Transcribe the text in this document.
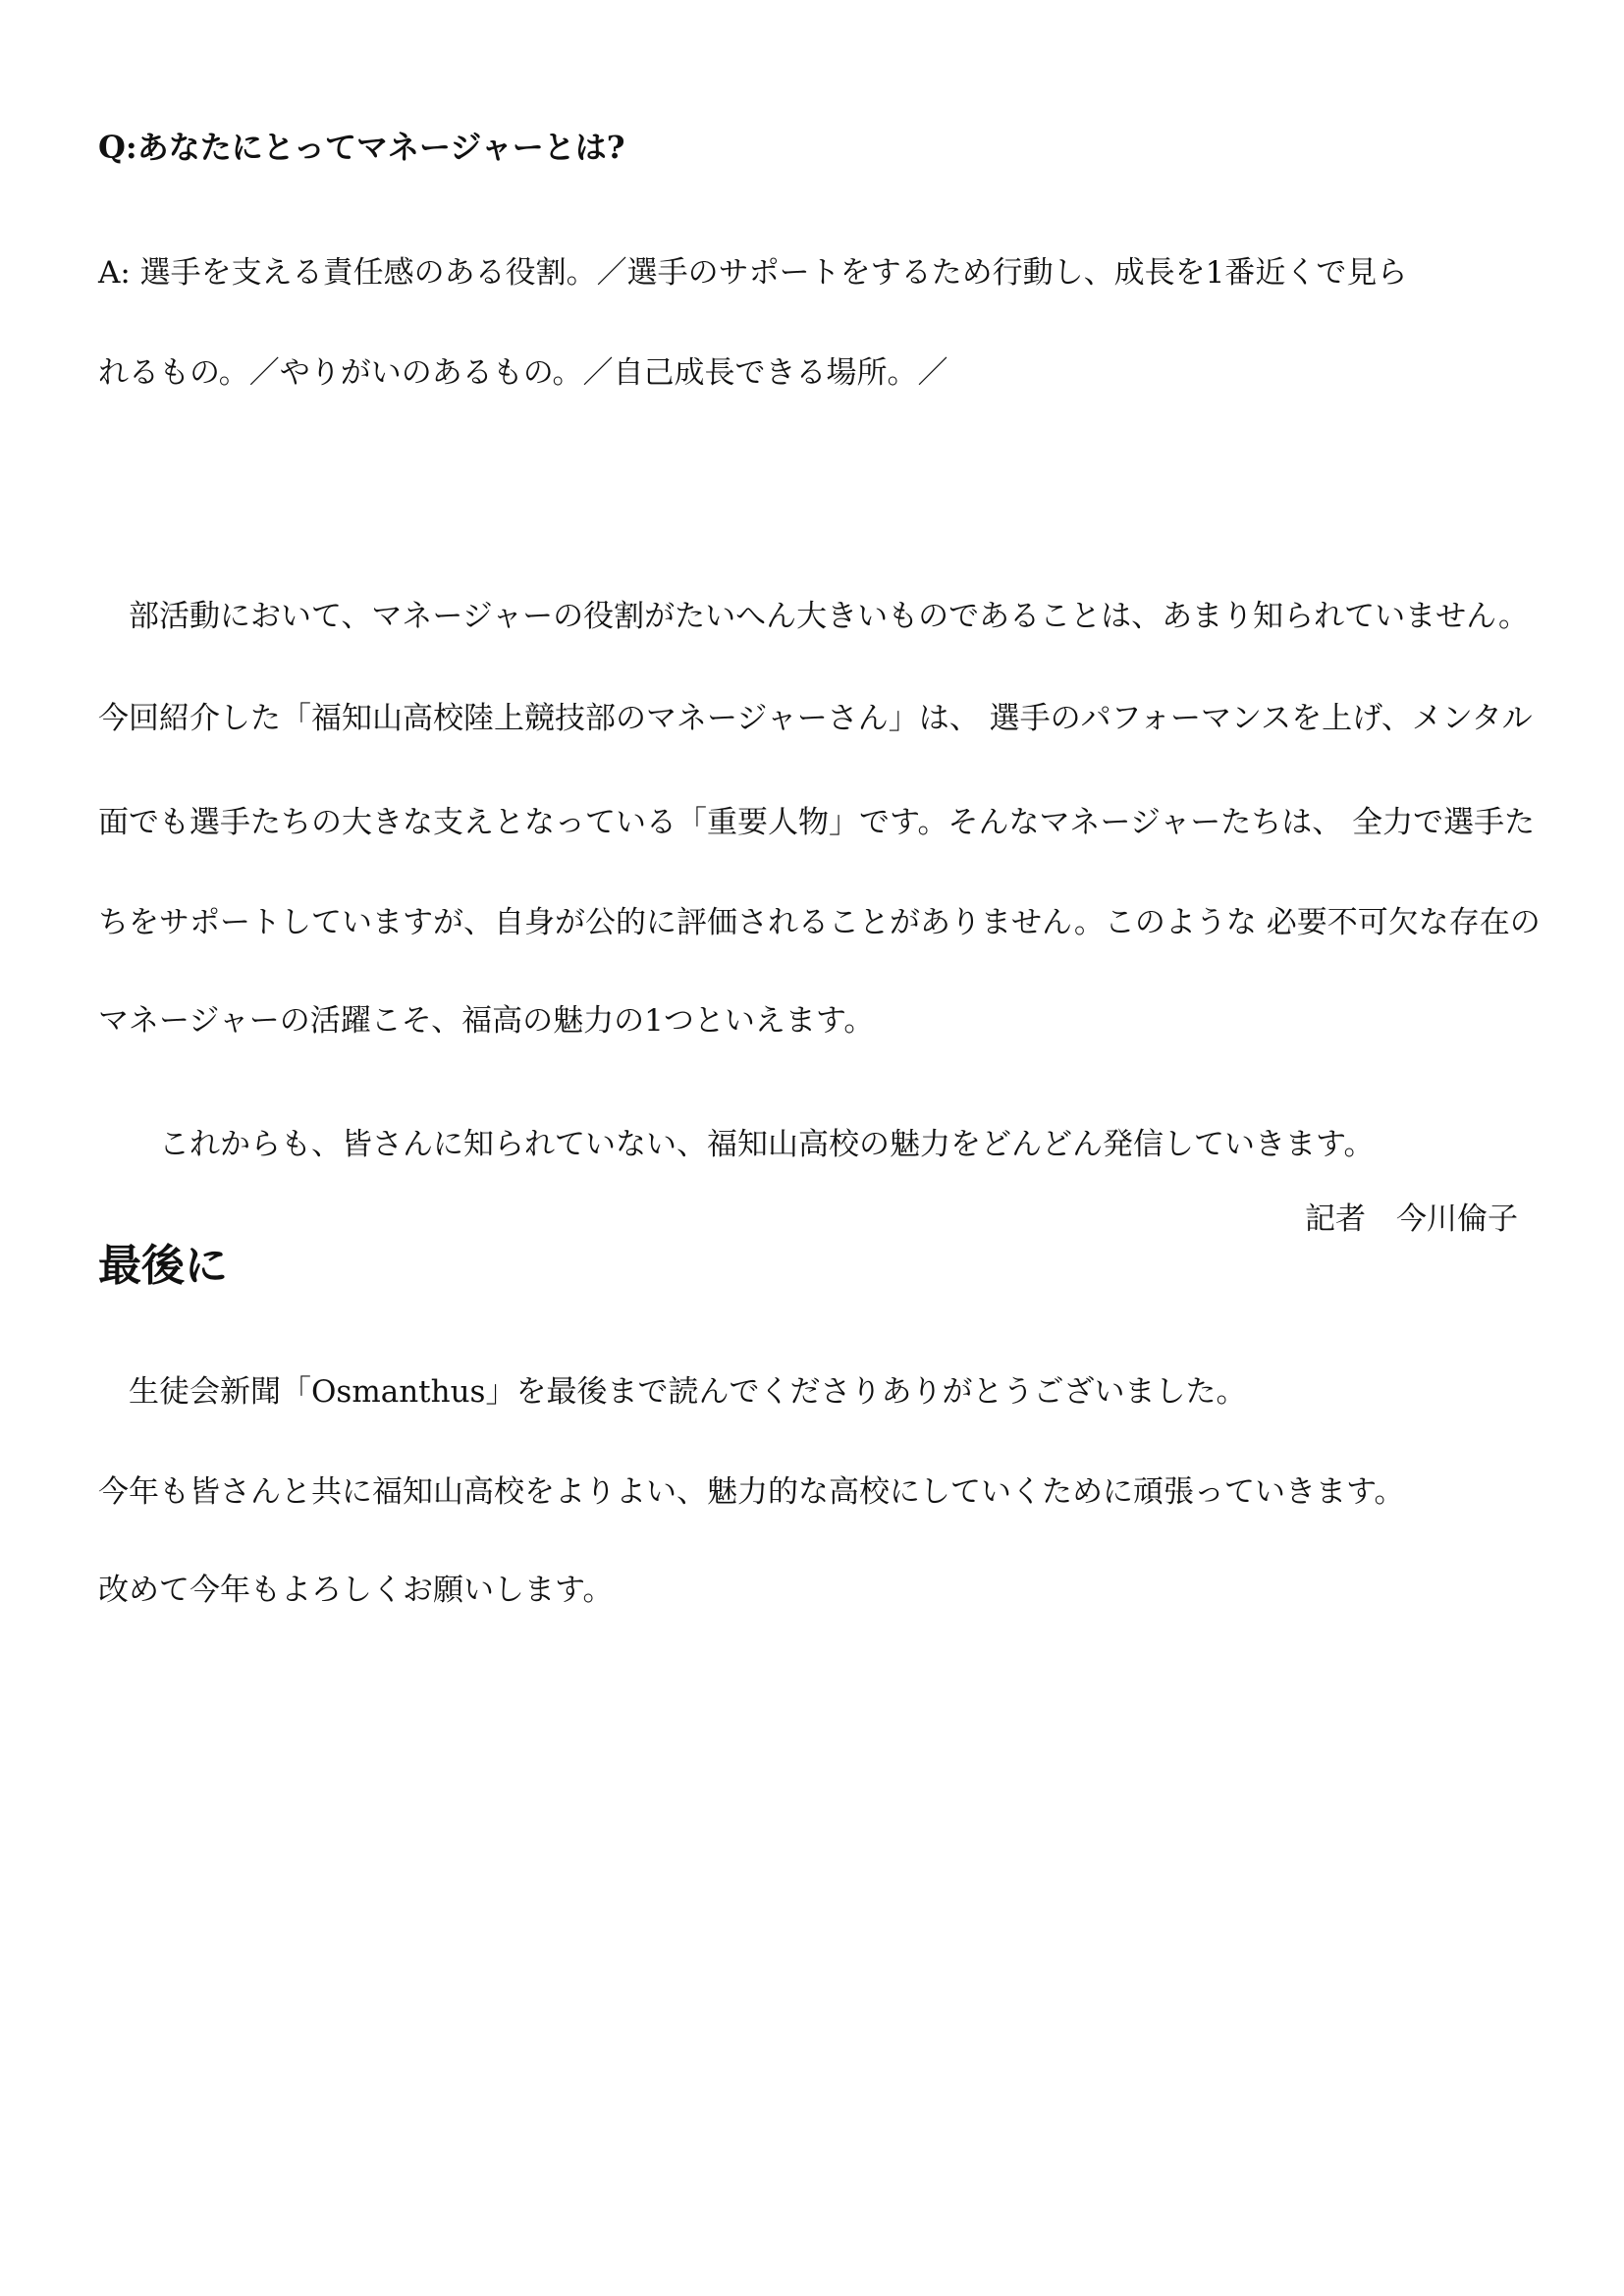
Q:あなたにとってマネージャーとは?
A: 選手を支える責任感のある役割。／選手のサポートをするため行動し、成長を1番近くで見ら
れるもの。／やりがいのあるもの。／自己成長できる場所。／
　部活動において、マネージャーの役割がたいへん大きいものであることは、あまり知られていません。
今回紹介した「福知山高校陸上競技部のマネージャーさん」は、 選手のパフォーマンスを上げ、メンタル
面でも選手たちの大きな支えとなっている「重要人物」です。そんなマネージャーたちは、 全力で選手た
ちをサポートしていますが、自身が公的に評価されることがありません。このような 必要不可欠な存在の
マネージャーの活躍こそ、福高の魅力の1つといえます。
　　これからも、皆さんに知られていない、福知山高校の魅力をどんどん発信していきます。
記者　今川倫子
最後に
　生徒会新聞「Osmanthus」を最後まで読んでくださりありがとうございました。
今年も皆さんと共に福知山高校をよりよい、魅力的な高校にしていくために頑張っていきます。
改めて今年もよろしくお願いします。
